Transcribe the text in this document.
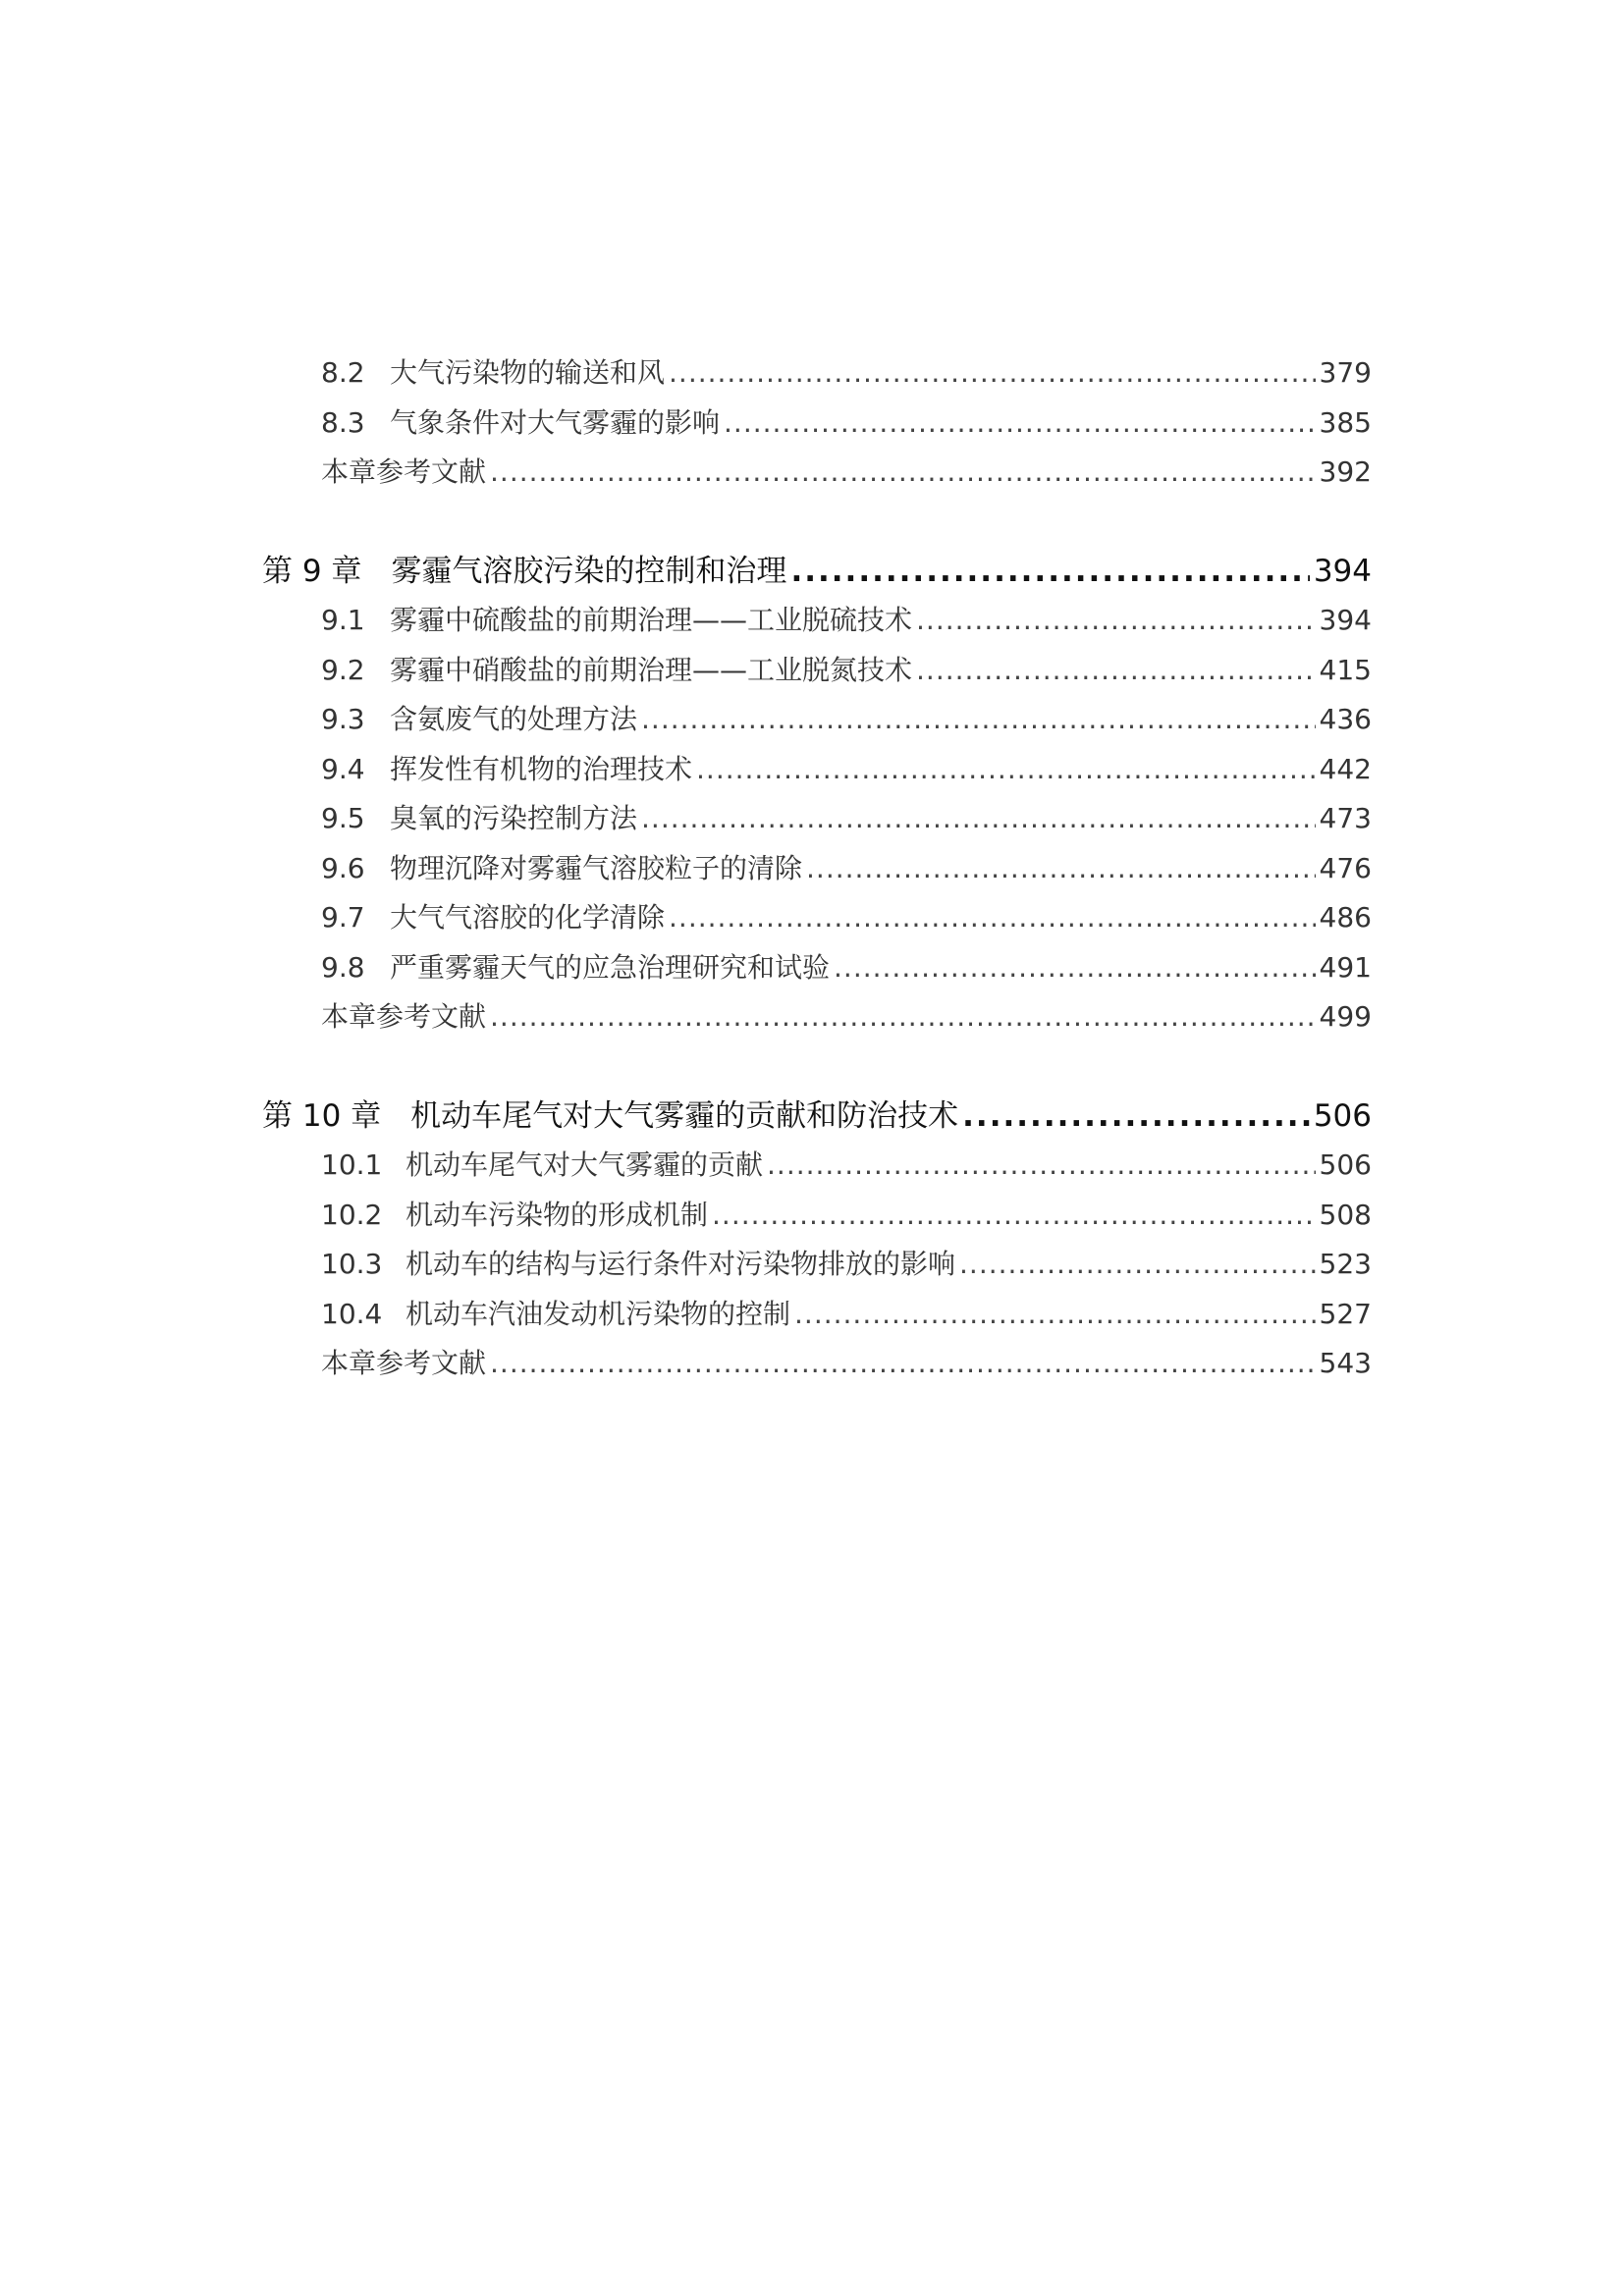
8.2 大气污染物的输送和风 .....	379
8.3 气象条件对大气雾霾的影响 .....	385
本章参考文献 .....	392
第 9 章 雾霾气溶胶污染的控制和治理 .....	394
9.1 雾霾中硫酸盐的前期治理——工业脱硫技术 .....	394
9.2 雾霾中硝酸盐的前期治理——工业脱氮技术 .....	415
9.3 含氨废气的处理方法 .....	436
9.4 挥发性有机物的治理技术 .....	442
9.5 臭氧的污染控制方法 .....	473
9.6 物理沉降对雾霾气溶胶粒子的清除 .....	476
9.7 大气气溶胶的化学清除 .....	486
9.8 严重雾霾天气的应急治理研究和试验 .....	491
本章参考文献 .....	499
第 10 章 机动车尾气对大气雾霾的贡献和防治技术 .....	506
10.1 机动车尾气对大气雾霾的贡献 .....	506
10.2 机动车污染物的形成机制 .....	508
10.3 机动车的结构与运行条件对污染物排放的影响 .....	523
10.4 机动车汽油发动机污染物的控制 .....	527
本章参考文献 .....	543
